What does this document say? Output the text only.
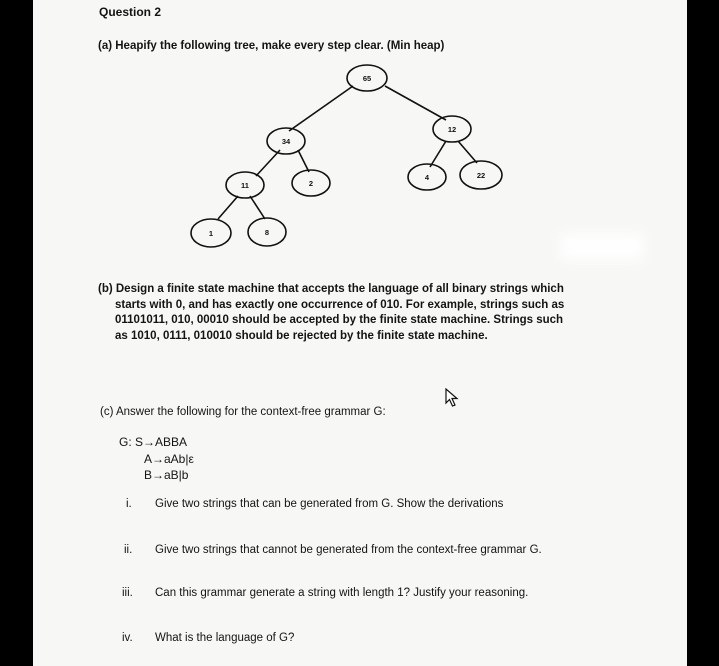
Question 2
(a) Heapify the following tree, make every step clear. (Min heap)
65
34
12
11	2
4	22
1	8
(b) Design a finite state machine that accepts the language of all binary strings which
starts with 0, and has exactly one occurrence of 010. For example, strings such as
01101011, 010, 00010 should be accepted by the finite state machine. Strings such
as 1010, 0111, 010010 should be rejected by the finite state machine.
(c) Answer the following for the context-free grammar G:
G: S→ABBA
A→aAb|ε
B→aB|b
i. Give two strings that can be generated from G. Show the derivations
ii. Give two strings that cannot be generated from the context-free grammar G.
iii. Can this grammar generate a string with length 1? Justify your reasoning.
iv. What is the language of G?
